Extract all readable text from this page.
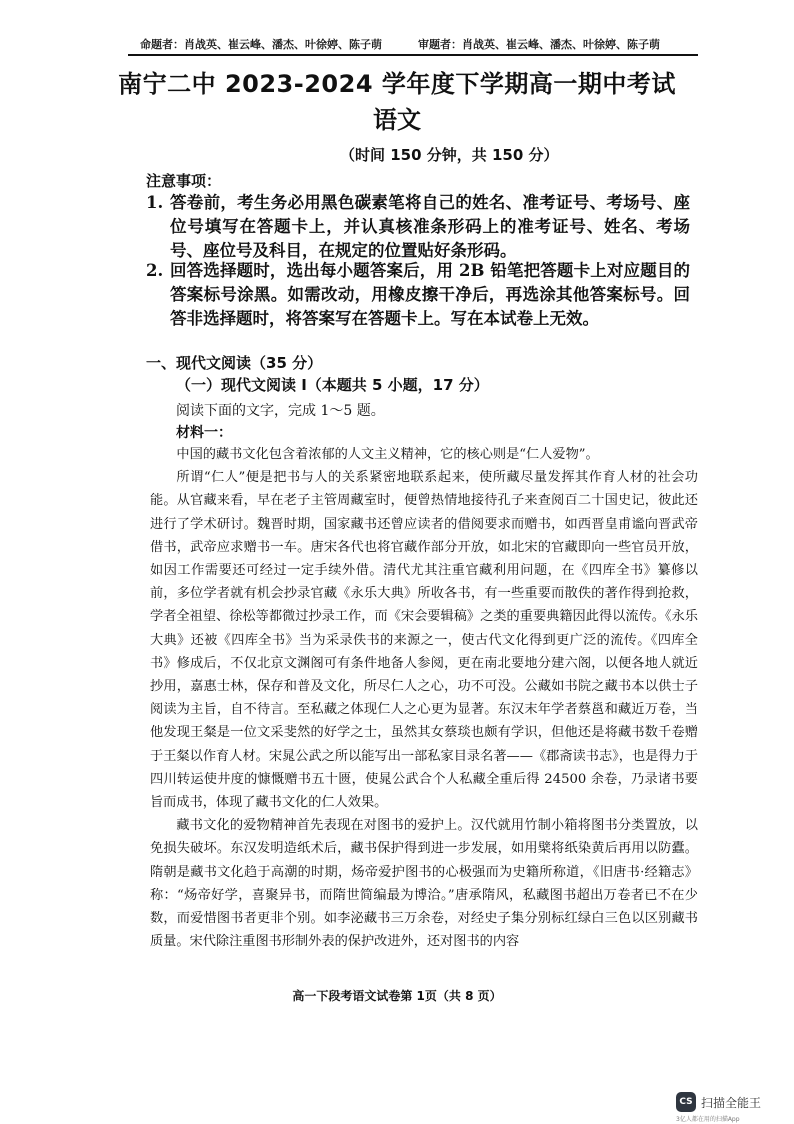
命题者：肖战英、崔云峰、潘杰、叶徐婷、陈子萌	审题者：肖战英、崔云峰、潘杰、叶徐婷、陈子萌
南宁二中 2023-2024 学年度下学期高一期中考试
语文
（时间 150 分钟，共 150 分）
注意事项：
1. 答卷前，考生务必用黑色碳素笔将自己的姓名、准考证号、考场号、座位号填写在答题卡上，并认真核准条形码上的准考证号、姓名、考场号、座位号及科目，在规定的位置贴好条形码。
2. 回答选择题时，选出每小题答案后，用 2B 铅笔把答题卡上对应题目的答案标号涂黑。如需改动，用橡皮擦干净后，再选涂其他答案标号。回答非选择题时，将答案写在答题卡上。写在本试卷上无效。
一、现代文阅读（35 分）
（一）现代文阅读 I（本题共 5 小题，17 分）
阅读下面的文字，完成 1～5 题。
材料一：

中国的藏书文化包含着浓郁的人文主义精神，它的核心则是“仁人爱物”。

所谓“仁人”便是把书与人的关系紧密地联系起来，使所藏尽量发挥其作育人材的社会功能。从官藏来看，早在老子主管周藏室时，便曾热情地接待孔子来查阅百二十国史记，彼此还进行了学术研讨。魏晋时期，国家藏书还曾应读者的借阅要求而赠书，如西晋皇甫谧向晋武帝借书，武帝应求赠书一车。唐宋各代也将官藏作部分开放，如北宋的官藏即向一些官员开放，如因工作需要还可经过一定手续外借。清代尤其注重官藏利用问题，在《四库全书》纂修以前，多位学者就有机会抄录官藏《永乐大典》所收各书，有一些重要而散佚的著作得到抢救，学者全祖望、徐松等都微过抄录工作，而《宋会要辑稿》之类的重要典籍因此得以流传。《永乐大典》还被《四库全书》当为采录佚书的来源之一，使古代文化得到更广泛的流传。《四库全书》修成后，不仅北京文渊阁可有条件地备人参阅，更在南北要地分建六阁，以便各地人就近抄用，嘉惠士林，保存和普及文化，所尽仁人之心，功不可没。公藏如书院之藏书本以供士子阅读为主旨，自不待言。至私藏之体现仁人之心更为显著。东汉末年学者蔡邕和藏近万卷，当他发现王粲是一位文采斐然的好学之士，虽然其女蔡琰也颇有学识，但他还是将藏书数千卷赠于王粲以作育人材。宋晁公武之所以能写出一部私家目录名著——《郡斋读书志》，也是得力于四川转运使井度的慷慨赠书五十匮，使晁公武合个人私藏全重后得 24500 余卷，乃录诸书要旨而成书，体现了藏书文化的仁人效果。

藏书文化的爱物精神首先表现在对图书的爱护上。汉代就用竹制小箱将图书分类置放，以免损失破坏。东汉发明造纸术后，藏书保护得到进一步发展，如用檗将纸染黄后再用以防蠹。隋朝是藏书文化趋于高潮的时期，炀帝爱护图书的心极强而为史籍所称道，《旧唐书·经籍志》称：“炀帝好学，喜聚异书，而隋世简编最为博洽。”唐承隋风，私藏图书超出万卷者已不在少数，而爱惜图书者更非个别。如李泌藏书三万余卷，对经史子集分别标红绿白三色以区别藏书质量。宋代除注重图书形制外表的保护改进外，还对图书的内容

高一下段考语文试卷第 1页（共 8 页）
CS 扫描全能王
3亿人都在用的扫描App
